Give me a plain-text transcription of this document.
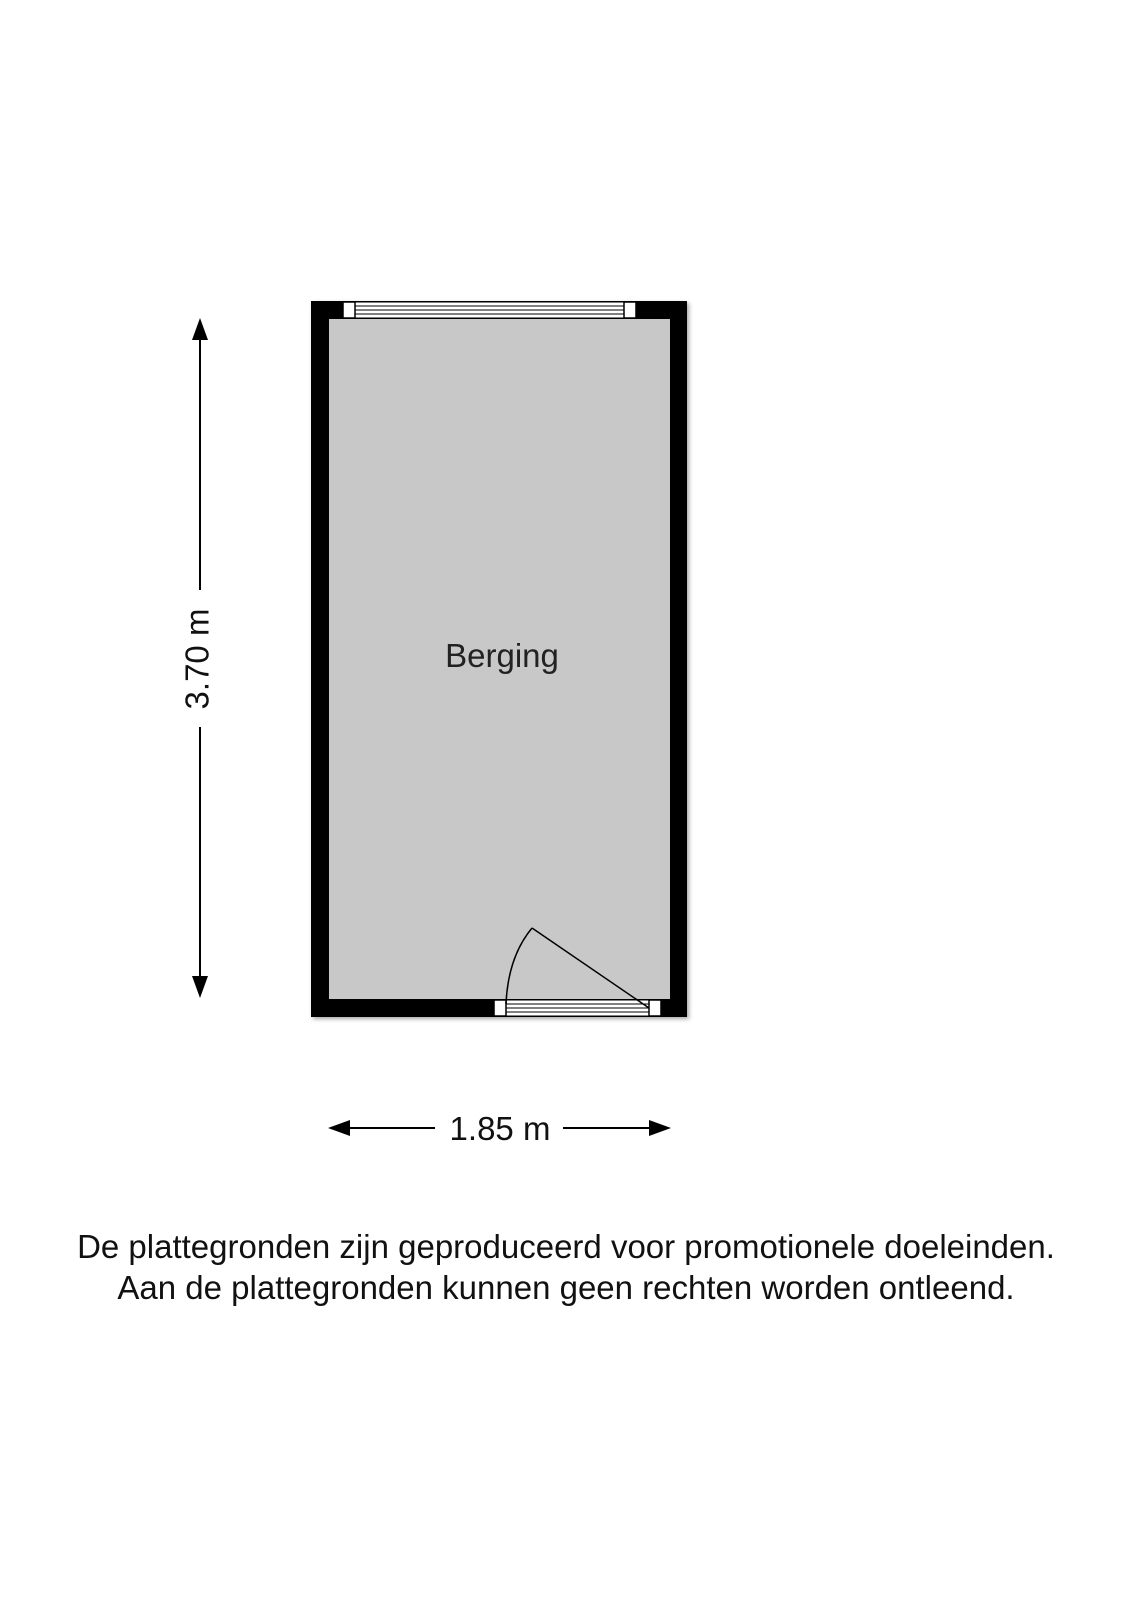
Berging
3.70 m
1.85 m
De plattegronden zijn geproduceerd voor promotionele doeleinden.
Aan de plattegronden kunnen geen rechten worden ontleend.
